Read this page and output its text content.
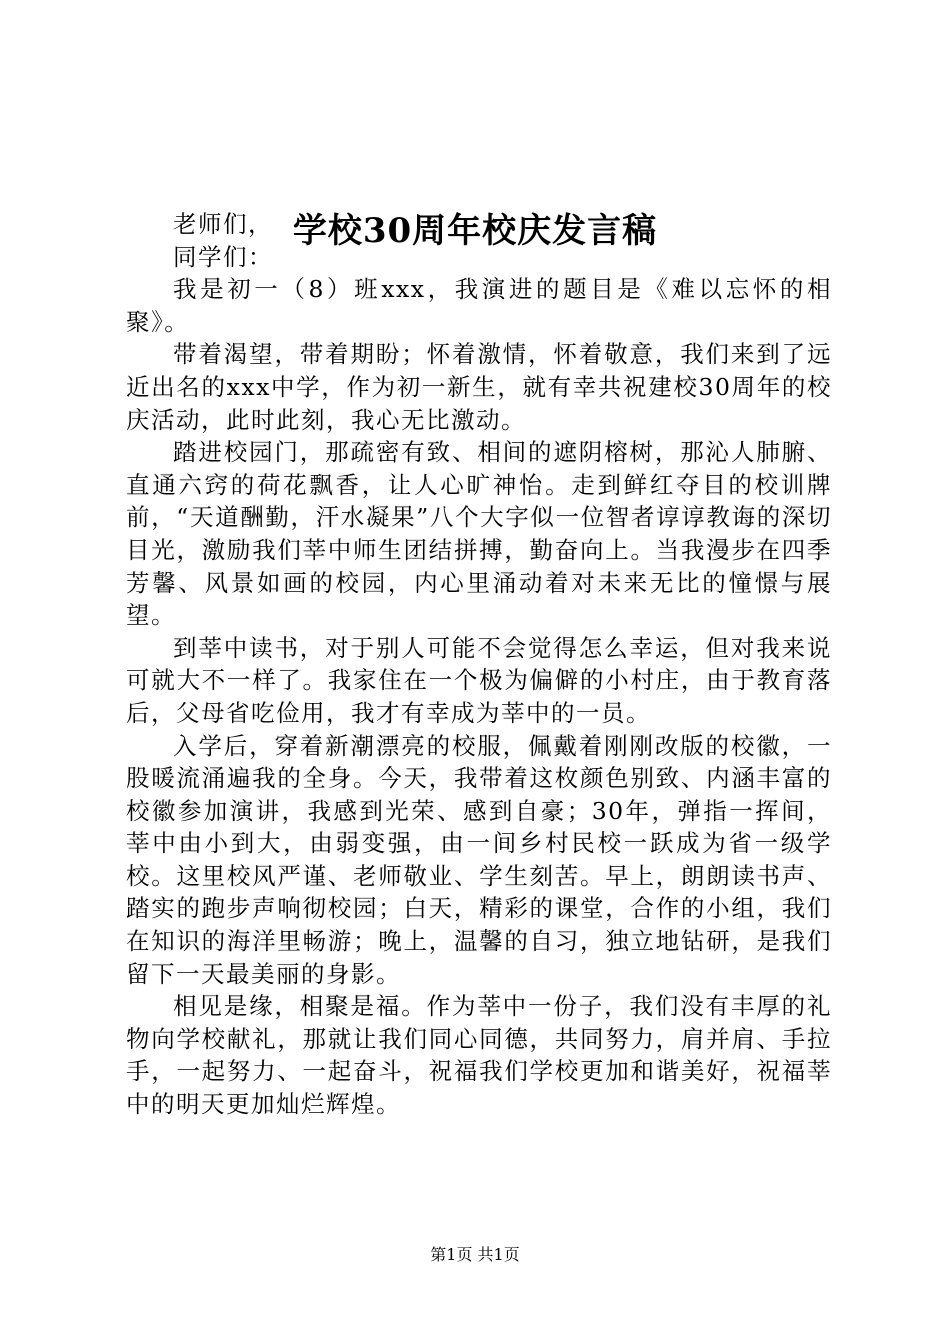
学校30周年校庆发言稿

老师们，

同学们：

我是初一（8）班xxx，我演进的题目是《难以忘怀的相聚》。

带着渴望，带着期盼；怀着激情，怀着敬意，我们来到了远近出名的xxx中学，作为初一新生，就有幸共祝建校30周年的校庆活动，此时此刻，我心无比激动。

踏进校园门，那疏密有致、相间的遮阴榕树，那沁人肺腑、直通六窍的荷花飘香，让人心旷神怡。走到鲜红夺目的校训牌前，“天道酬勤，汗水凝果”八个大字似一位智者谆谆教诲的深切目光，激励我们莘中师生团结拼搏，勤奋向上。当我漫步在四季芳馨、风景如画的校园，内心里涌动着对未来无比的憧憬与展望。

到莘中读书，对于别人可能不会觉得怎么幸运，但对我来说可就大不一样了。我家住在一个极为偏僻的小村庄，由于教育落后，父母省吃俭用，我才有幸成为莘中的一员。

入学后，穿着新潮漂亮的校服，佩戴着刚刚改版的校徽，一股暖流涌遍我的全身。今天，我带着这枚颜色别致、内涵丰富的校徽参加演讲，我感到光荣、感到自豪；30年，弹指一挥间，莘中由小到大，由弱变强，由一间乡村民校一跃成为省一级学校。这里校风严谨、老师敬业、学生刻苦。早上，朗朗读书声、踏实的跑步声响彻校园；白天，精彩的课堂，合作的小组，我们在知识的海洋里畅游；晚上，温馨的自习，独立地钻研，是我们留下一天最美丽的身影。

相见是缘，相聚是福。作为莘中一份子，我们没有丰厚的礼物向学校献礼，那就让我们同心同德，共同努力，肩并肩、手拉手，一起努力、一起奋斗，祝福我们学校更加和谐美好，祝福莘中的明天更加灿烂辉煌。

第1页 共1页
